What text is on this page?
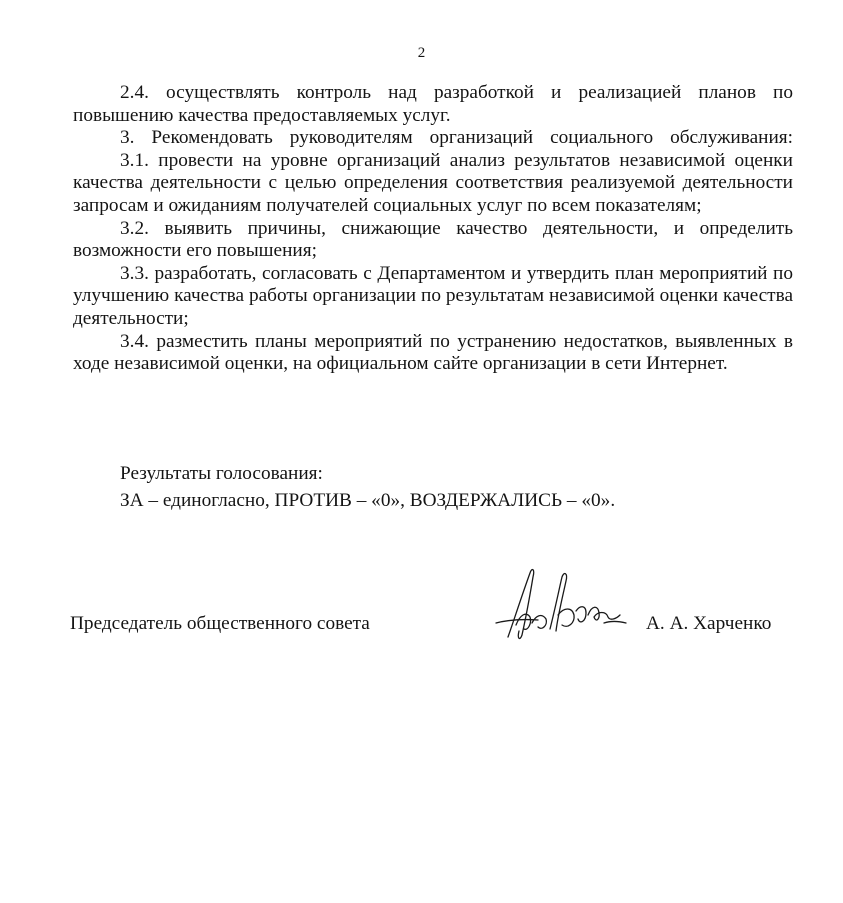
2

2.4. осуществлять контроль над разработкой и реализацией планов по повышению качества предоставляемых услуг.

3. Рекомендовать руководителям организаций социального обслуживания:

3.1. провести на уровне организаций анализ результатов независимой оценки качества деятельности с целью определения соответствия реализуемой деятельности запросам и ожиданиям получателей социальных услуг по всем показателям;

3.2. выявить причины, снижающие качество деятельности, и определить возможности его повышения;

3.3. разработать, согласовать с Департаментом и утвердить план мероприятий по улучшению качества работы организации по результатам независимой оценки качества деятельности;

3.4. разместить планы мероприятий по устранению недостатков, выявленных в ходе независимой оценки, на официальном сайте организации в сети Интернет.

Результаты голосования:
ЗА – единогласно, ПРОТИВ – «0», ВОЗДЕРЖАЛИСЬ – «0».
Председатель общественного совета	А. А. Харченко
